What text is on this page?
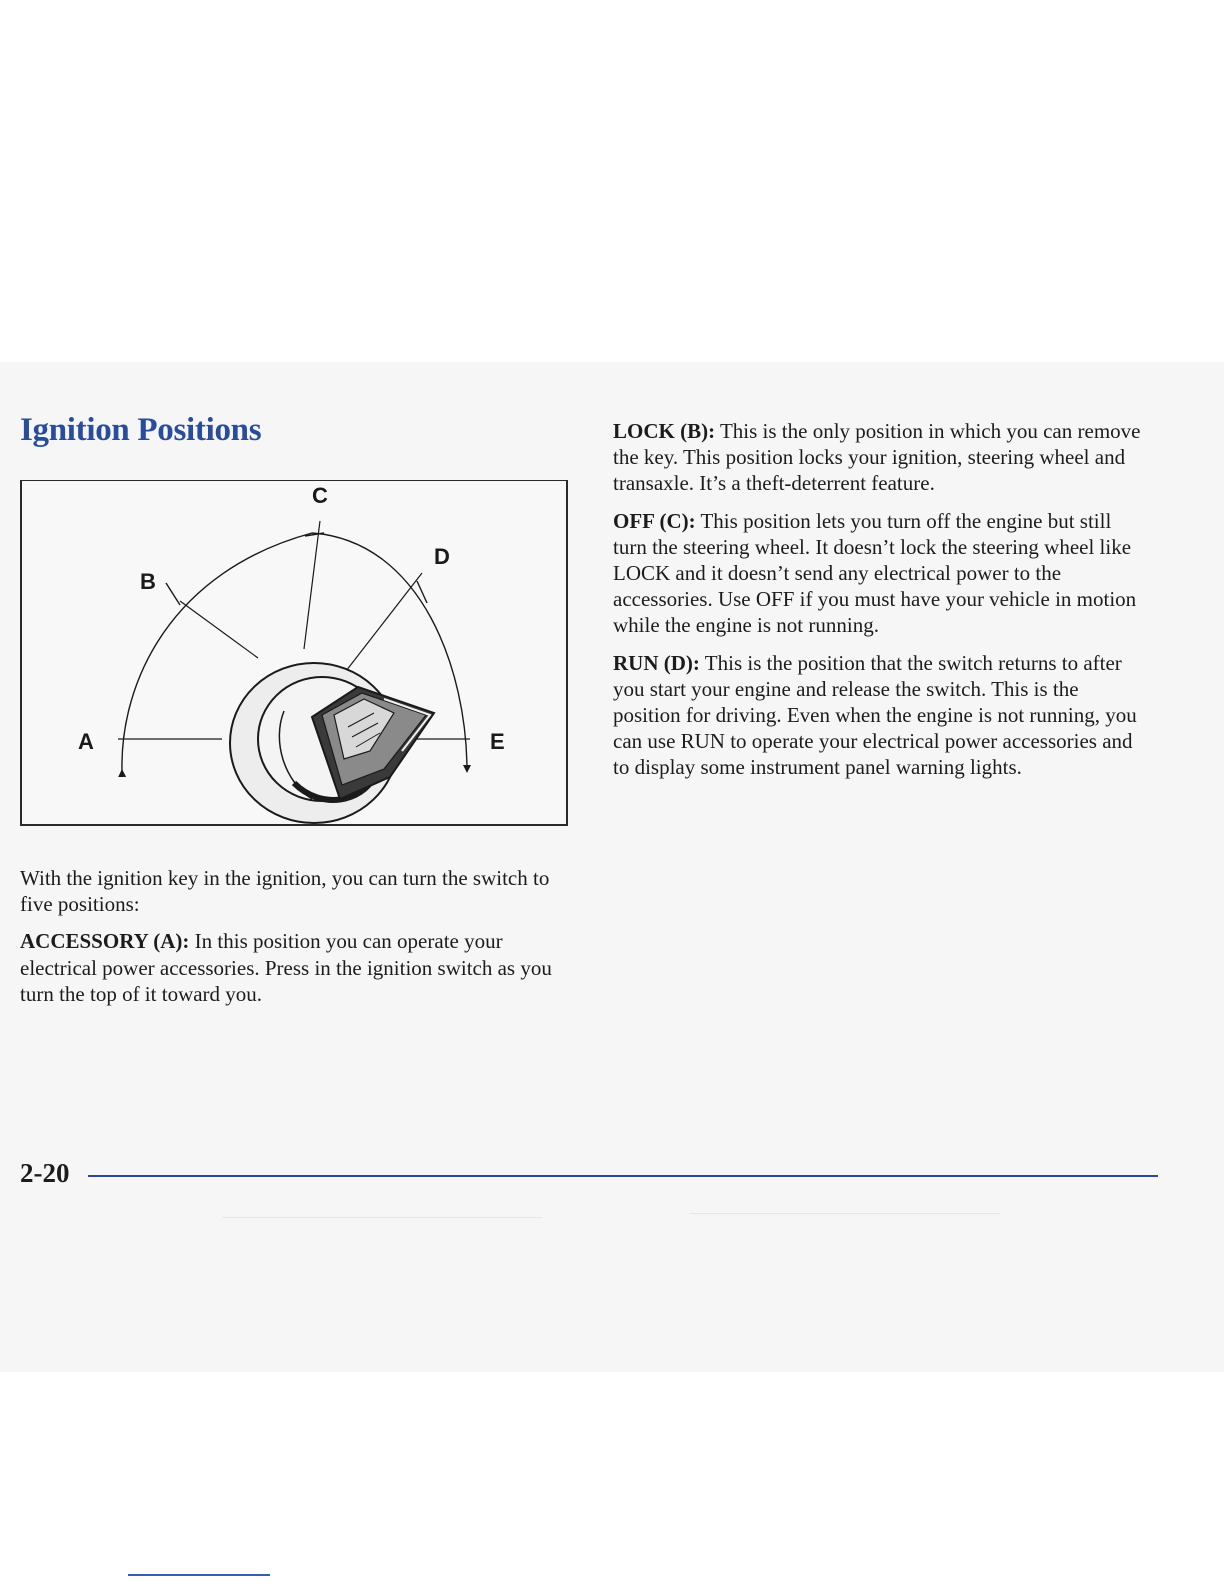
Ignition Positions
A
B
C
D
E

With the ignition key in the ignition, you can turn the switch to five positions:

ACCESSORY (A): In this position you can operate your electrical power accessories. Press in the ignition switch as you turn the top of it toward you.

LOCK (B): This is the only position in which you can remove the key. This position locks your ignition, steering wheel and transaxle. It’s a theft-deterrent feature.

OFF (C): This position lets you turn off the engine but still turn the steering wheel. It doesn’t lock the steering wheel like LOCK and it doesn’t send any electrical power to the accessories. Use OFF if you must have your vehicle in motion while the engine is not running.

RUN (D): This is the position that the switch returns to after you start your engine and release the switch. This is the position for driving. Even when the engine is not running, you can use RUN to operate your electrical power accessories and to display some instrument panel warning lights.

2-20
